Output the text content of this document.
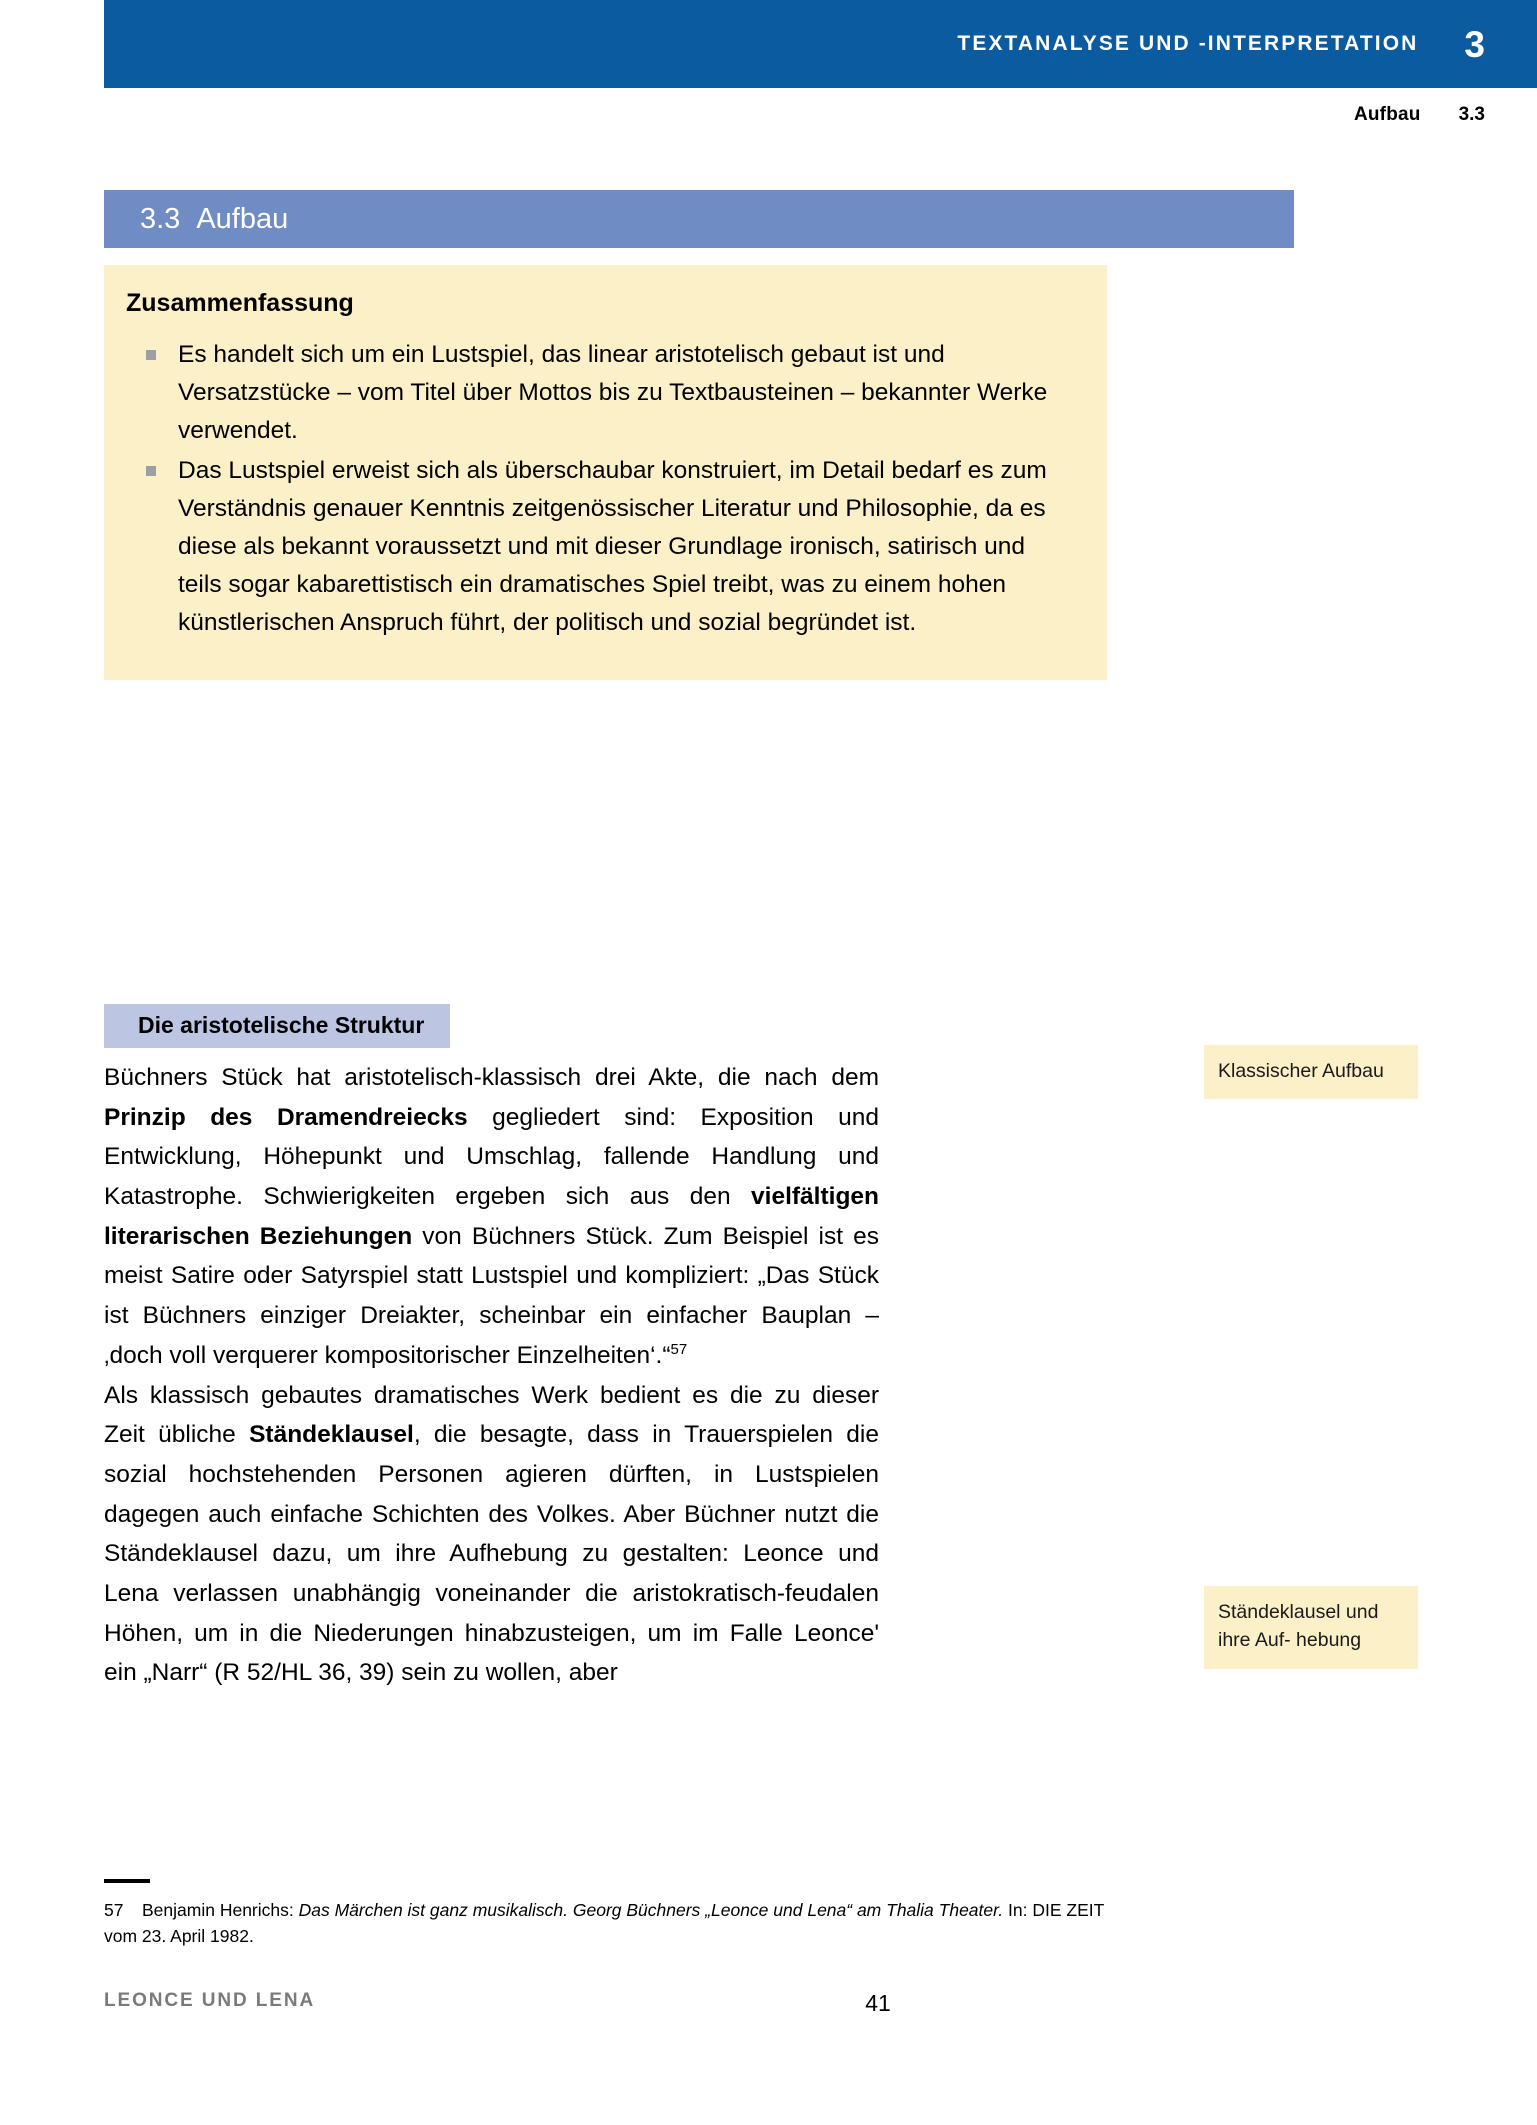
TEXTANALYSE UND -INTERPRETATION 3
Aufbau 3.3
3.3 Aufbau
Zusammenfassung
Es handelt sich um ein Lustspiel, das linear aristotelisch gebaut ist und Versatzstücke – vom Titel über Mottos bis zu Textbausteinen – bekannter Werke verwendet.
Das Lustspiel erweist sich als überschaubar konstruiert, im Detail bedarf es zum Verständnis genauer Kenntnis zeitgenössischer Literatur und Philosophie, da es diese als bekannt voraussetzt und mit dieser Grundlage ironisch, satirisch und teils sogar kabarettistisch ein dramatisches Spiel treibt, was zu einem hohen künstlerischen Anspruch führt, der politisch und sozial begründet ist.
Die aristotelische Struktur

Büchners Stück hat aristotelisch-klassisch drei Akte, die nach dem Prinzip des Dramendreiecks gegliedert sind: Exposition und Entwicklung, Höhepunkt und Umschlag, fallende Handlung und Katastrophe. Schwierigkeiten ergeben sich aus den vielfältigen literarischen Beziehungen von Büchners Stück. Zum Beispiel ist es meist Satire oder Satyrspiel statt Lustspiel und kompliziert: „Das Stück ist Büchners einziger Dreiakter, scheinbar ein einfacher Bauplan – ‚doch voll verquerer kompositorischer Einzelheiten‘.“$^{57}$

Als klassisch gebautes dramatisches Werk bedient es die zu dieser Zeit übliche Ständeklausel, die besagte, dass in Trauerspielen die sozial hochstehenden Personen agieren dürften, in Lustspielen dagegen auch einfache Schichten des Volkes. Aber Büchner nutzt die Ständeklausel dazu, um ihre Aufhebung zu gestalten: Leonce und Lena verlassen unabhängig voneinander die aristokratisch-feudalen Höhen, um in die Niederungen hinabzusteigen, um im Falle Leonce' ein „Narr“ (R 52/HL 36, 39) sein zu wollen, aber

Klassischer Aufbau
Ständeklausel und ihre Auf- hebung
57 Benjamin Henrichs: Das Märchen ist ganz musikalisch. Georg Büchners „Leonce und Lena“ am Thalia Theater. In: DIE ZEIT vom 23. April 1982.
LEONCE UND LENA	41
